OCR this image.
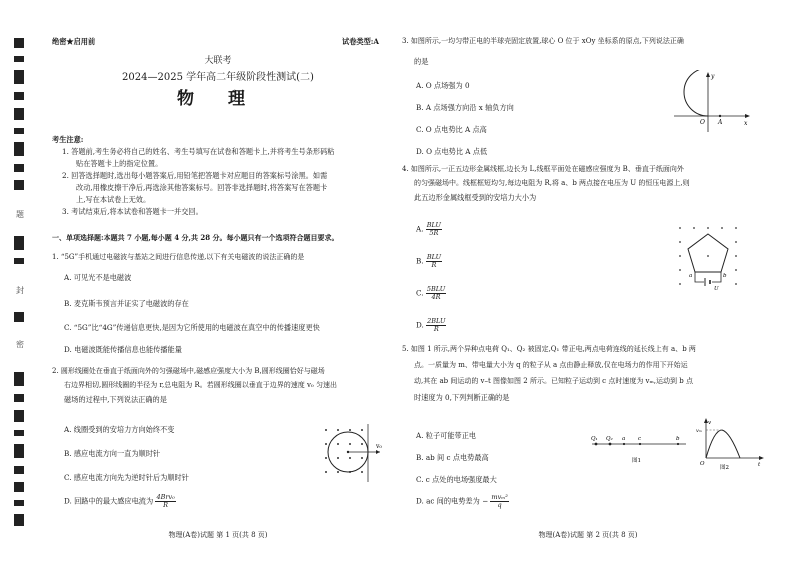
题
封
密
绝密★启用前	试卷类型:A
大联考
2024—2025 学年高二年级阶段性测试(二)
物 理
考生注意:
1. 答题前,考生务必将自己的姓名、考生号填写在试卷和答题卡上,并将考生号条形码粘
贴在答题卡上的指定位置。
2. 回答选择题时,选出每小题答案后,用铅笔把答题卡对应题目的答案标号涂黑。如需
改动,用橡皮擦干净后,再选涂其他答案标号。回答非选择题时,将答案写在答题卡
上,写在本试卷上无效。
3. 考试结束后,将本试卷和答题卡一并交回。
一、单项选择题:本题共 7 小题,每小题 4 分,共 28 分。每小题只有一个选项符合题目要求。
1. “5G”手机通过电磁波与基站之间进行信息传递,以下有关电磁波的说法正确的是
A. 可见光不是电磁波
B. 麦克斯韦预言并证实了电磁波的存在
C. “5G”比“4G”传递信息更快,是因为它所使用的电磁波在真空中的传播速度更快
D. 电磁波既能传播信息也能传播能量
2. 圆形线圈处在垂直于纸面向外的匀强磁场中,磁感应强度大小为 B,圆形线圈恰好与磁场
右边界相切,圆形线圈的半径为 r,总电阻为 R。若圆形线圈以垂直于边界的速度 v₀ 匀速出
磁场的过程中,下列说法正确的是
A. 线圈受到的安培力方向始终不变
B. 感应电流方向一直为顺时针
C. 感应电流方向先为逆时针后为顺时针
D. 回路中的最大感应电流为 $\frac{\text{4Brv₀}}{R}$
v₀
物理(A卷)试题 第 1 页(共 8 页)
3. 如图所示,一均匀带正电的半球壳固定放置,球心 O 位于 xOy 坐标系的原点,下列说法正确
的是
A. O 点场强为 0
B. A 点场强方向沿 x 轴负方向
C. O 点电势比 A 点高
D. O 点电势比 A 点低
y
x
O A
4. 如图所示,一正五边形金属线框,边长为 L,线框平面处在磁感应强度为 B、垂直于纸面向外
的匀强磁场中。线框框短均匀,每边电阻为 R,将 a、b 两点接在电压为 U 的恒压电源上,则
此五边形金属线框受到的安培力大小为
A. $\frac{\text{BLU}}{5R}$
B. $\frac{\text{BLU}}{R}$
C. $\frac{\text{5BLU}}{4R}$
D. $\frac{\text{2BLU}}{R}$
a	b
U
5. 如图 1 所示,两个异种点电荷 Q₁、Q₂ 被固定,Q₁ 带正电,两点电荷连线的延长线上有 a、b 两
点。一质量为 m、带电量大小为 q 的粒子从 a 点由静止释放,仅在电场力的作用下开始运
动,其在 ab 间运动的 v–t 图像如图 2 所示。已知粒子运动到 c 点时速度为 vₘ,运动到 b 点
时速度为 0,下列判断正确的是
A. 粒子可能带正电
B. ab 间 c 点电势最高
C. c 点处的电场强度最大
D. ac 间的电势差为 − $\frac{\text{mvₘ²}}{q}$
Q₁ Q₂ a c	b
图1
v
vₘ
O	t
图2
物理(A卷)试题 第 2 页(共 8 页)
